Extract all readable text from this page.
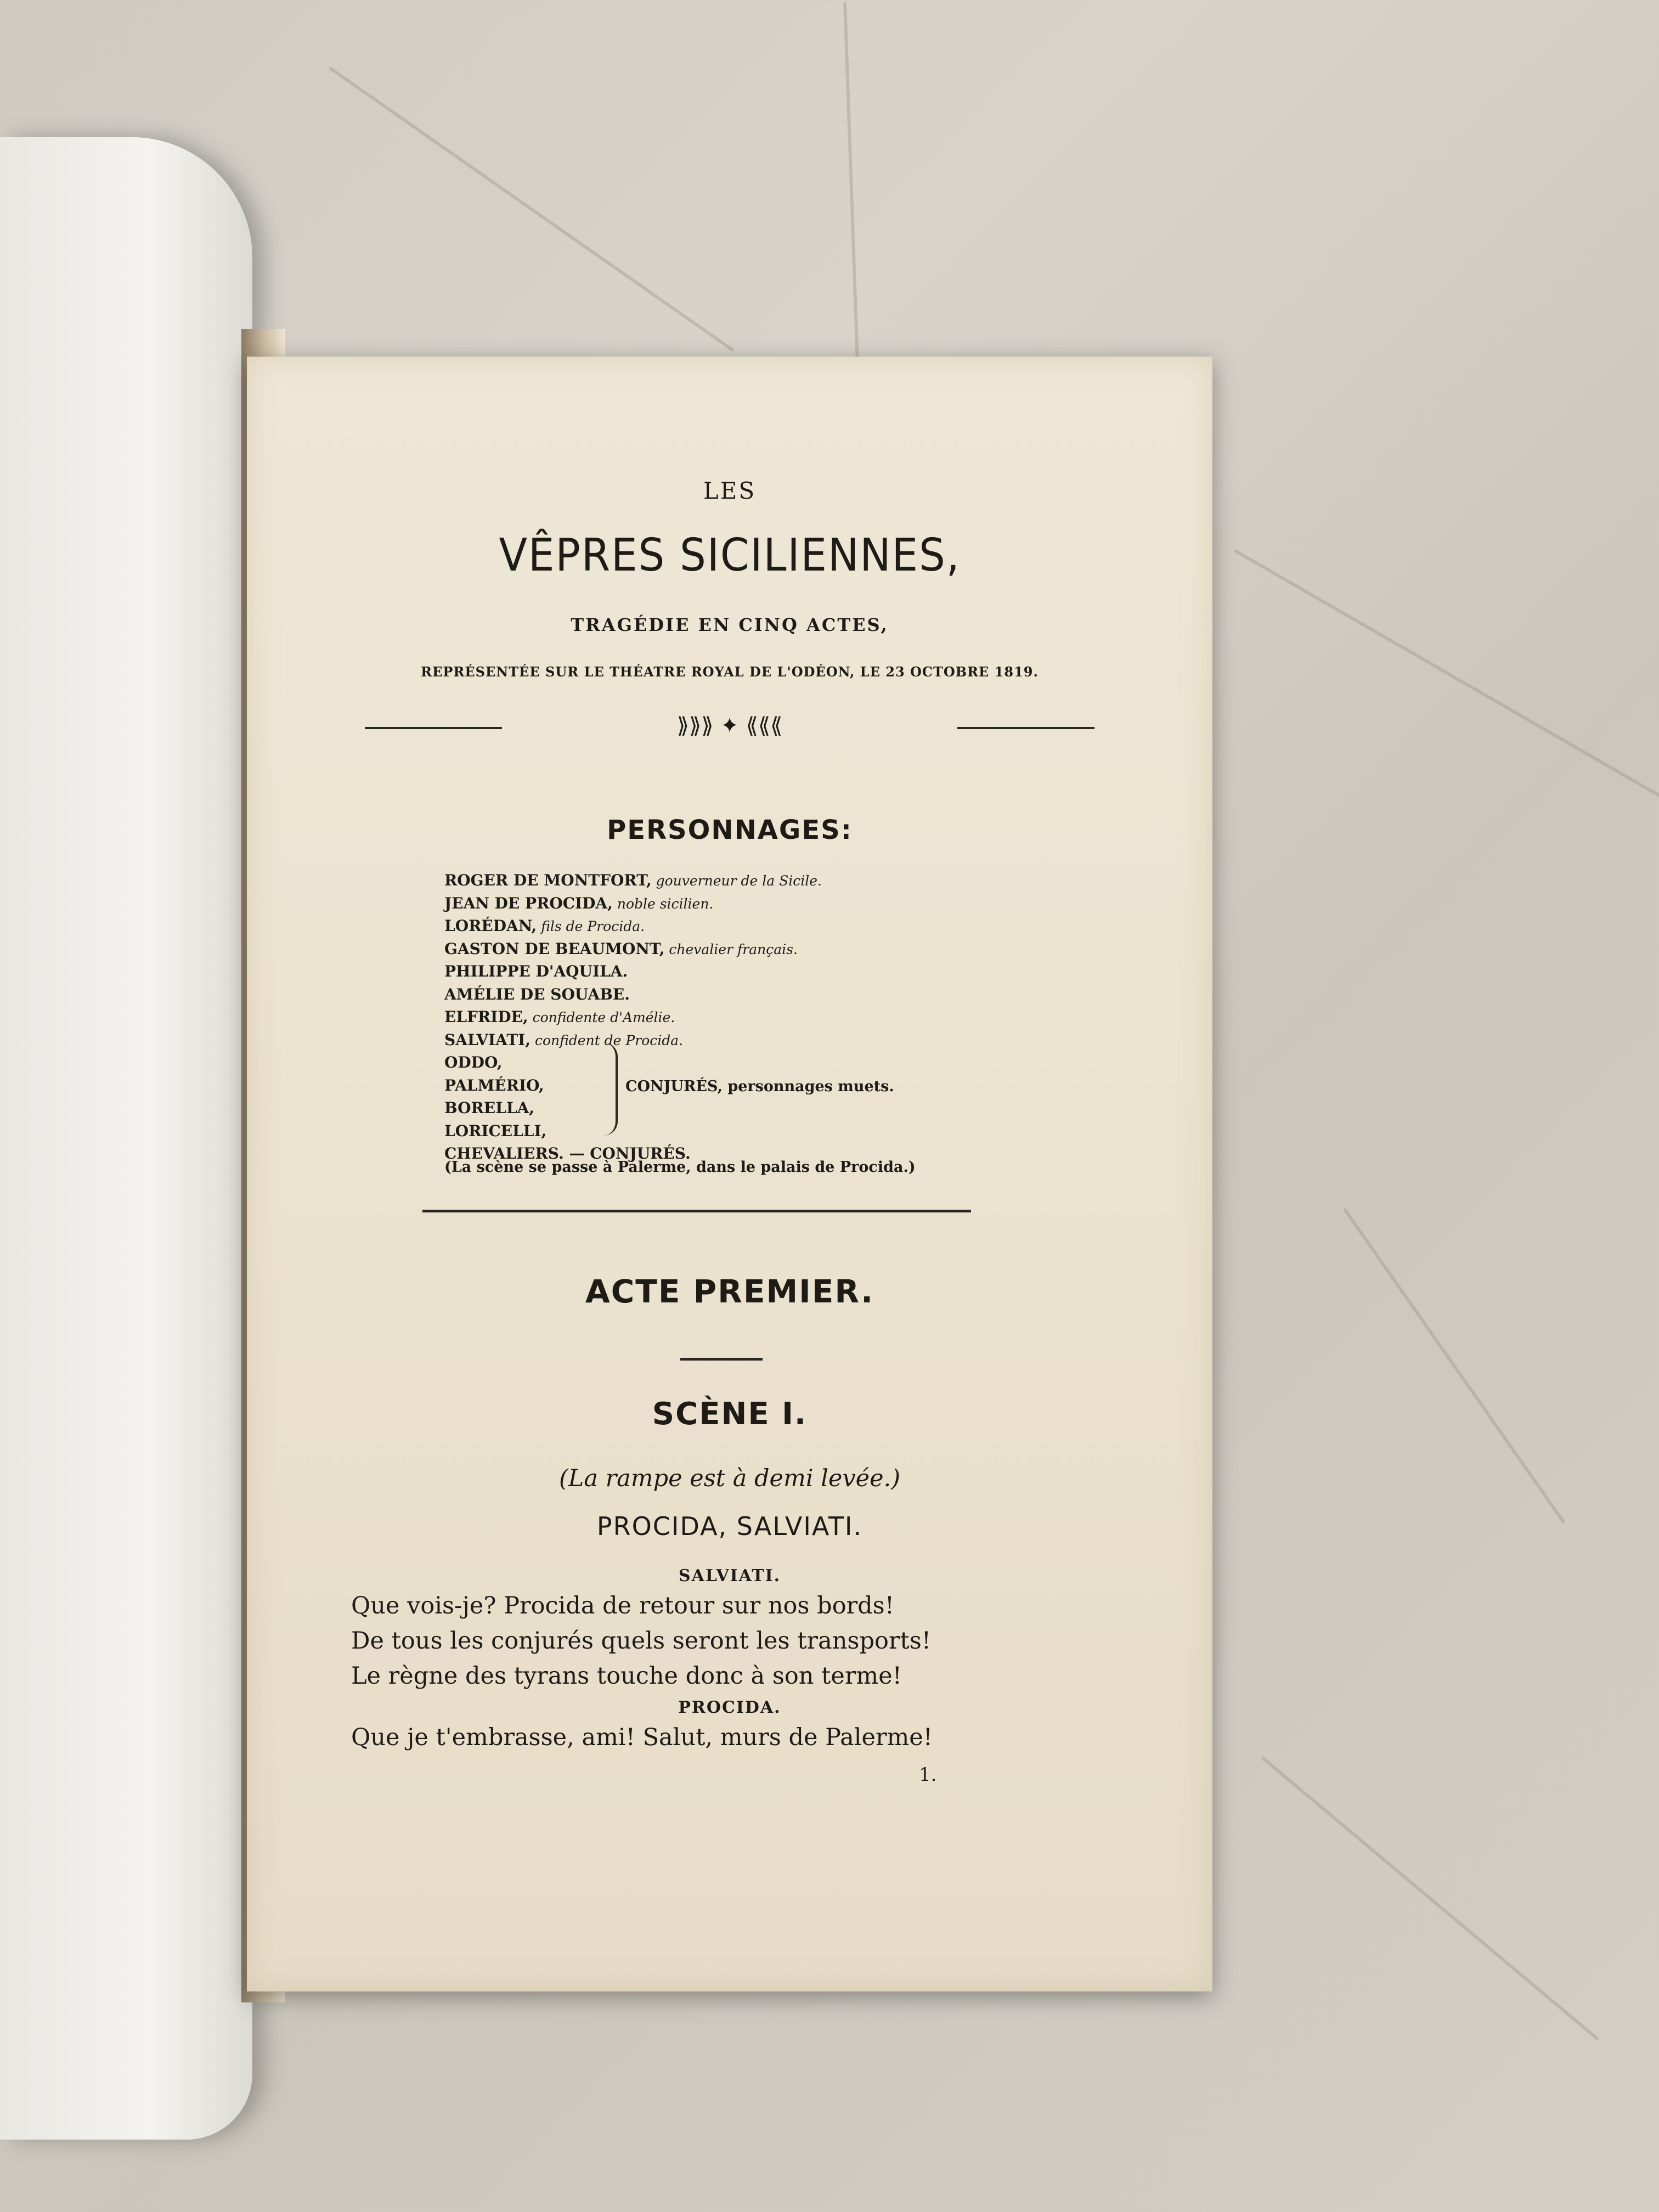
LES
VÊPRES SICILIENNES,
TRAGÉDIE EN CINQ ACTES,
REPRÉSENTÉE SUR LE THÉATRE ROYAL DE L'ODÉON, LE 23 OCTOBRE 1819.
⟫⟫⟫ ✦ ⟪⟪⟪
PERSONNAGES:
ROGER DE MONTFORT, gouverneur de la Sicile.
JEAN DE PROCIDA, noble sicilien.
LORÉDAN, fils de Procida.
GASTON DE BEAUMONT, chevalier français.
PHILIPPE D'AQUILA.
AMÉLIE DE SOUABE.
ELFRIDE, confidente d'Amélie.
SALVIATI, confident de Procida.
ODDO,
PALMÉRIO,
BORELLA,
LORICELLI,
CHEVALIERS. — CONJURÉS.
CONJURÉS, personnages muets.
(La scène se passe à Palerme, dans le palais de Procida.)
ACTE PREMIER.
SCÈNE I.
(La rampe est à demi levée.)
PROCIDA, SALVIATI.
SALVIATI.
Que vois-je? Procida de retour sur nos bords!
De tous les conjurés quels seront les transports!
Le règne des tyrans touche donc à son terme!
PROCIDA.
Que je t'embrasse, ami! Salut, murs de Palerme!
1.
